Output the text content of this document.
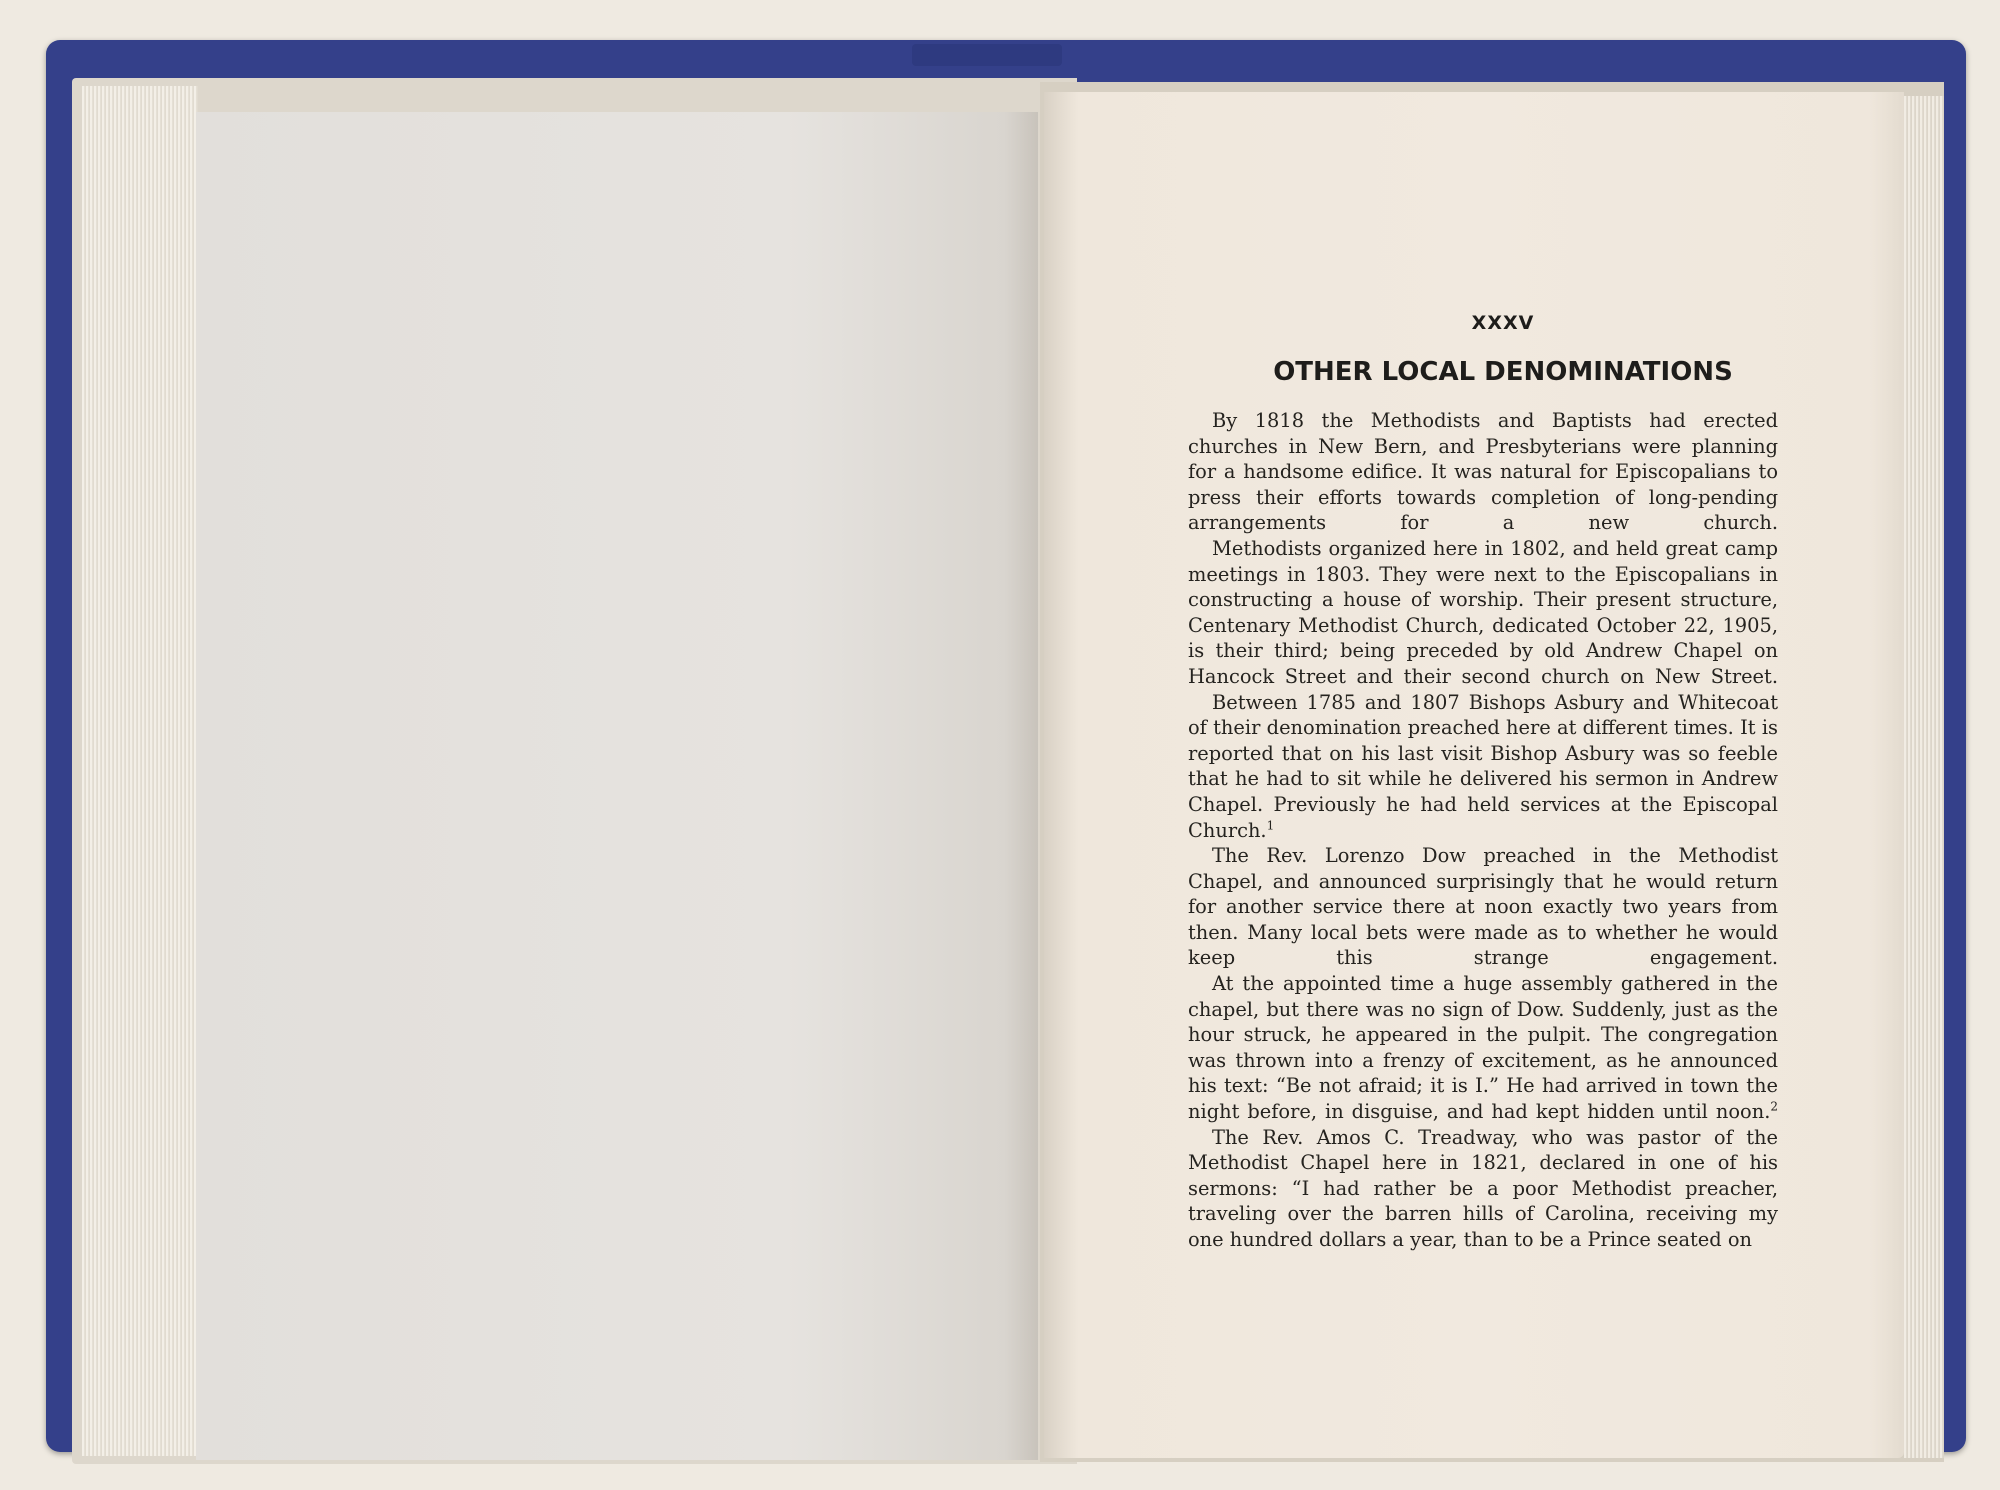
XXXV
OTHER LOCAL DENOMINATIONS

By 1818 the Methodists and Baptists had erected churches in New Bern, and Presbyterians were planning for a handsome edifice. It was natural for Episcopalians to press their efforts towards completion of long-pending arrangements for a new church.

Methodists organized here in 1802, and held great camp meetings in 1803. They were next to the Episcopalians in constructing a house of worship. Their present structure, Centenary Methodist Church, dedicated October 22, 1905, is their third; being preceded by old Andrew Chapel on Hancock Street and their second church on New Street.

Between 1785 and 1807 Bishops Asbury and Whitecoat of their denomination preached here at different times. It is reported that on his last visit Bishop Asbury was so feeble that he had to sit while he delivered his sermon in Andrew Chapel. Previously he had held services at the Episcopal Church.$^1$

The Rev. Lorenzo Dow preached in the Methodist Chapel, and announced surprisingly that he would return for another service there at noon exactly two years from then. Many local bets were made as to whether he would keep this strange engagement.

At the appointed time a huge assembly gathered in the chapel, but there was no sign of Dow. Suddenly, just as the hour struck, he appeared in the pulpit. The congregation was thrown into a frenzy of excitement, as he announced his text: “Be not afraid; it is I.” He had arrived in town the night before, in disguise, and had kept hidden until noon.$^2$

The Rev. Amos C. Treadway, who was pastor of the Methodist Chapel here in 1821, declared in one of his sermons: “I had rather be a poor Methodist preacher, traveling over the barren hills of Carolina, receiving my one hundred dollars a year, than to be a Prince seated on
